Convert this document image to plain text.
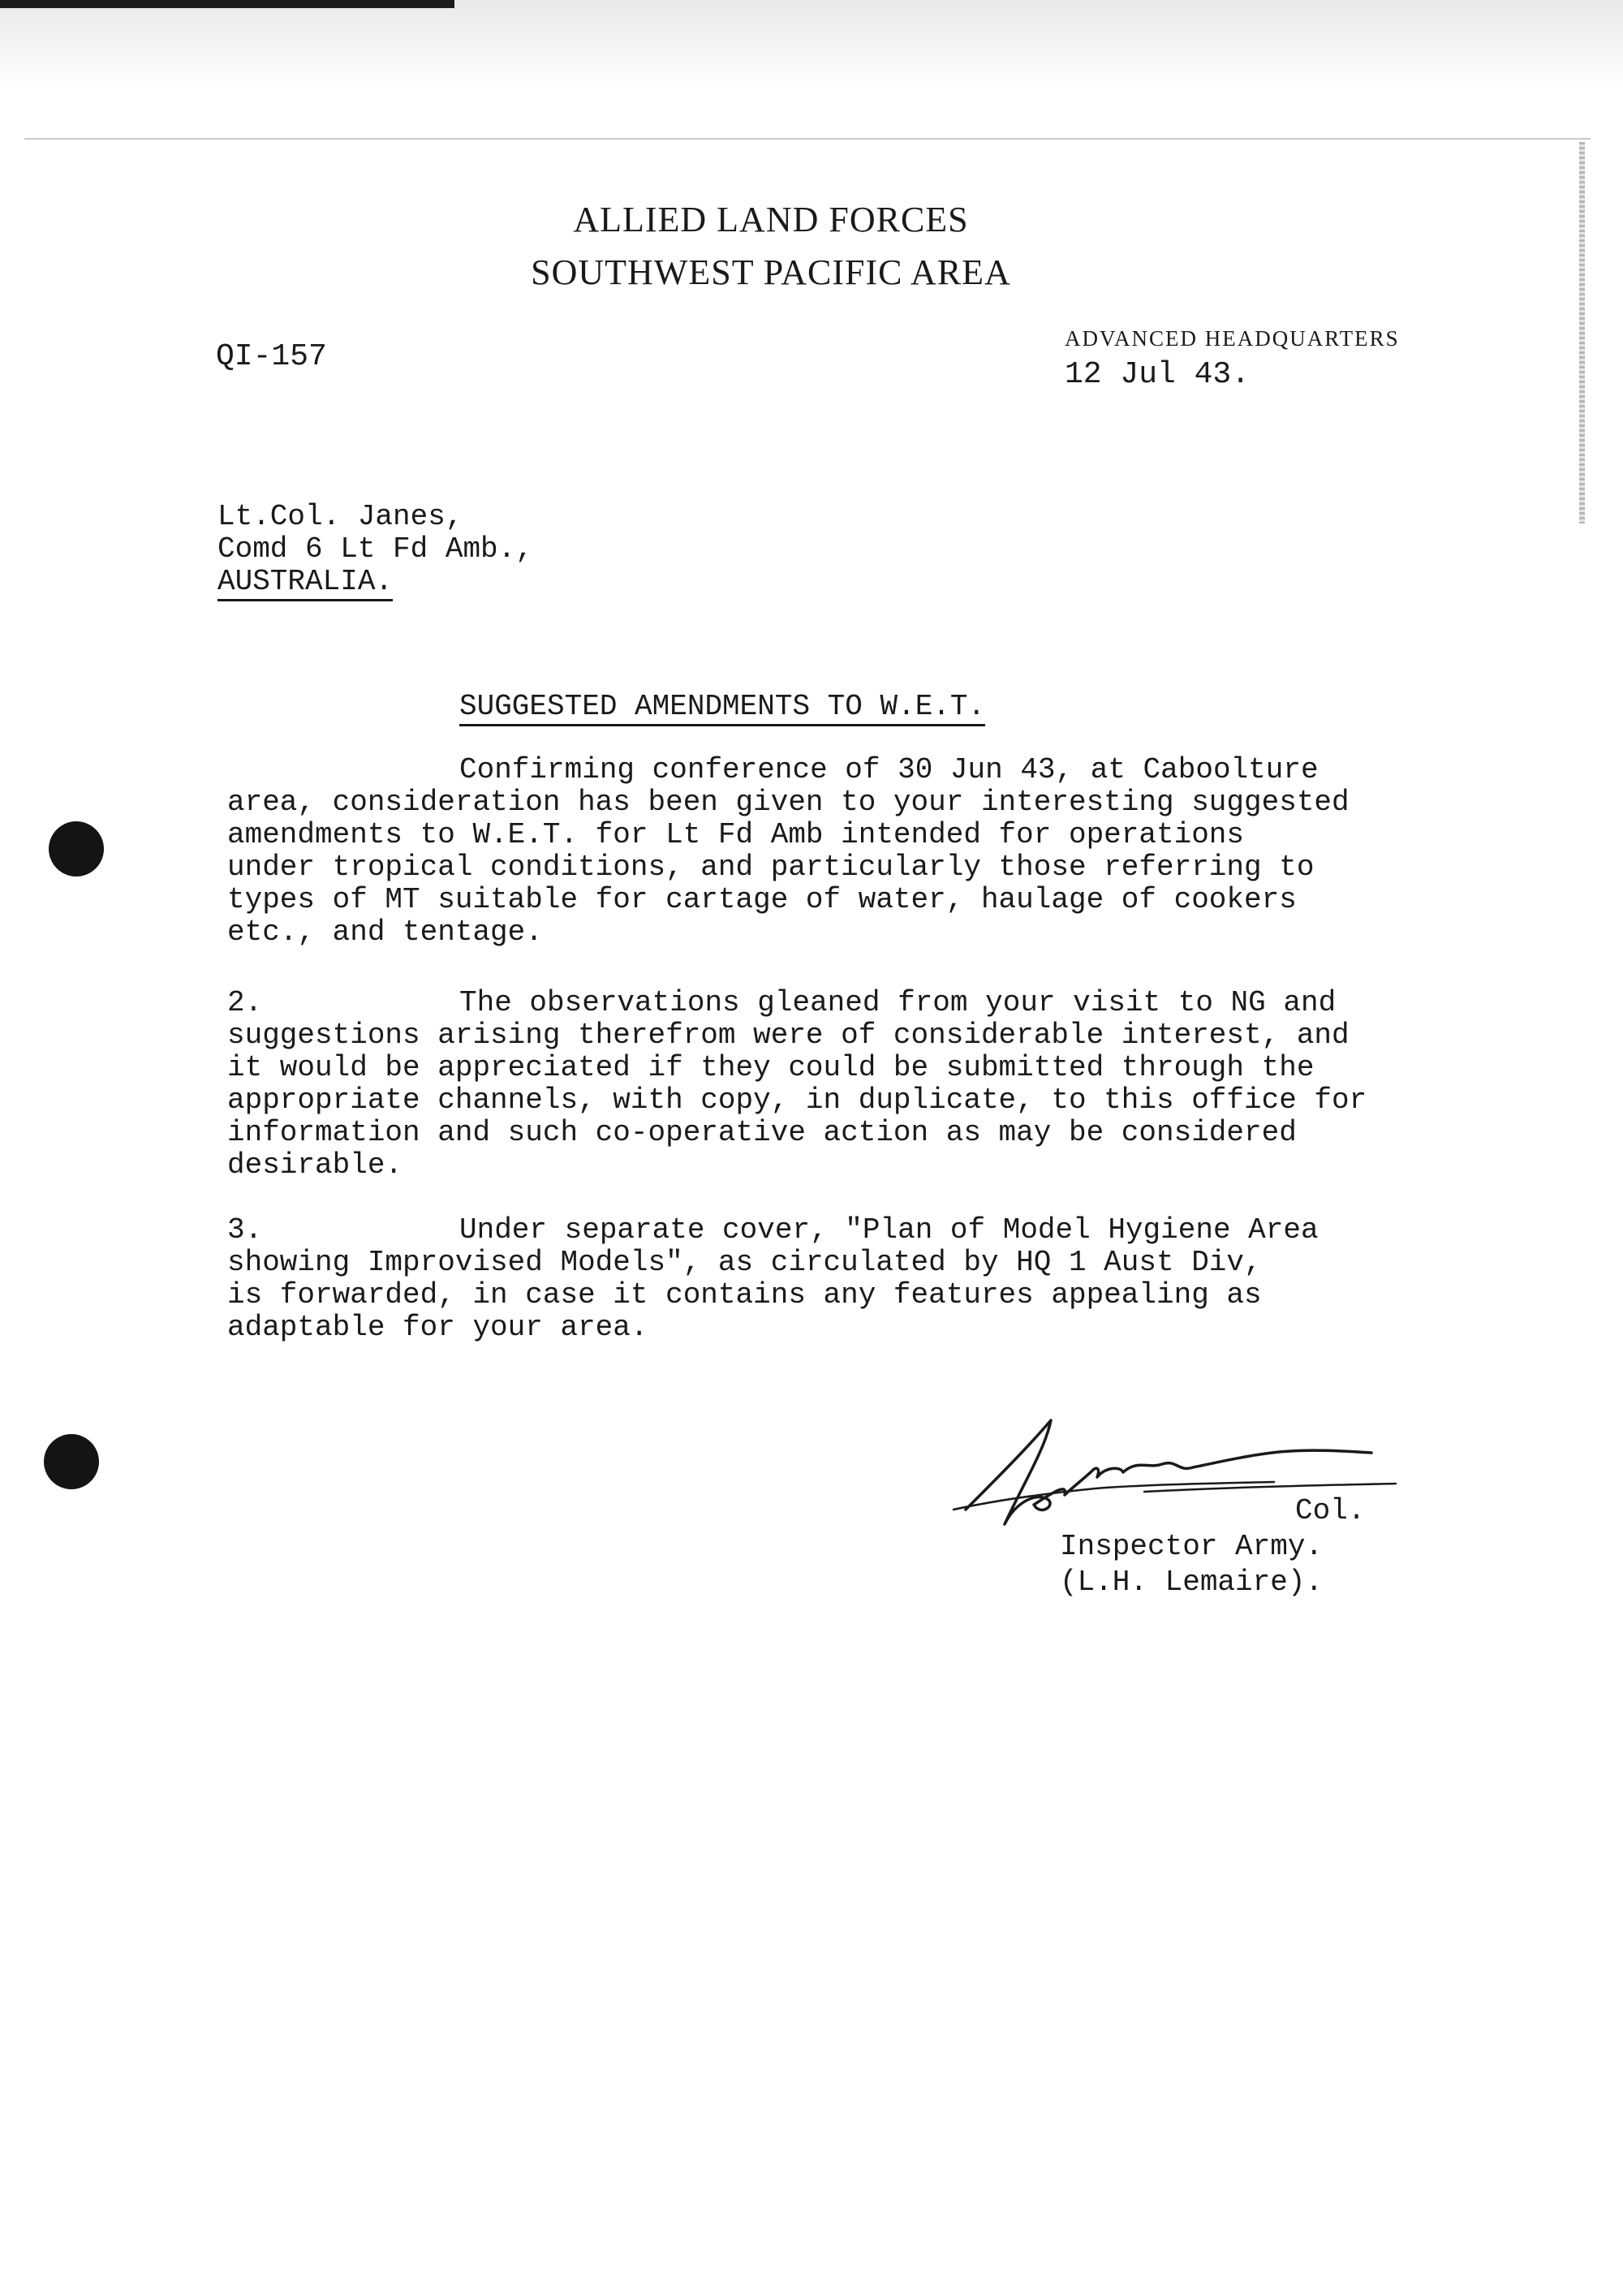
ALLIED LAND FORCES
SOUTHWEST PACIFIC AREA
QI-157
ADVANCED HEADQUARTERS
12 Jul 43.
Lt.Col. Janes,
Comd 6 Lt Fd Amb.,
AUSTRALIA.
SUGGESTED AMENDMENTS TO W.E.T.
Confirming conference of 30 Jun 43, at Caboolture
area, consideration has been given to your interesting suggested
amendments to W.E.T. for Lt Fd Amb intended for operations
under tropical conditions, and particularly those referring to
types of MT suitable for cartage of water, haulage of cookers
etc., and tentage.
2.	The observations gleaned from your visit to NG and
suggestions arising therefrom were of considerable interest, and
it would be appreciated if they could be submitted through the
appropriate channels, with copy, in duplicate, to this office for
information and such co-operative action as may be considered
desirable.
3.	Under separate cover, "Plan of Model Hygiene Area
showing Improvised Models", as circulated by HQ 1 Aust Div,
is forwarded, in case it contains any features appealing as
adaptable for your area.
Col.
Inspector Army.
(L.H. Lemaire).
